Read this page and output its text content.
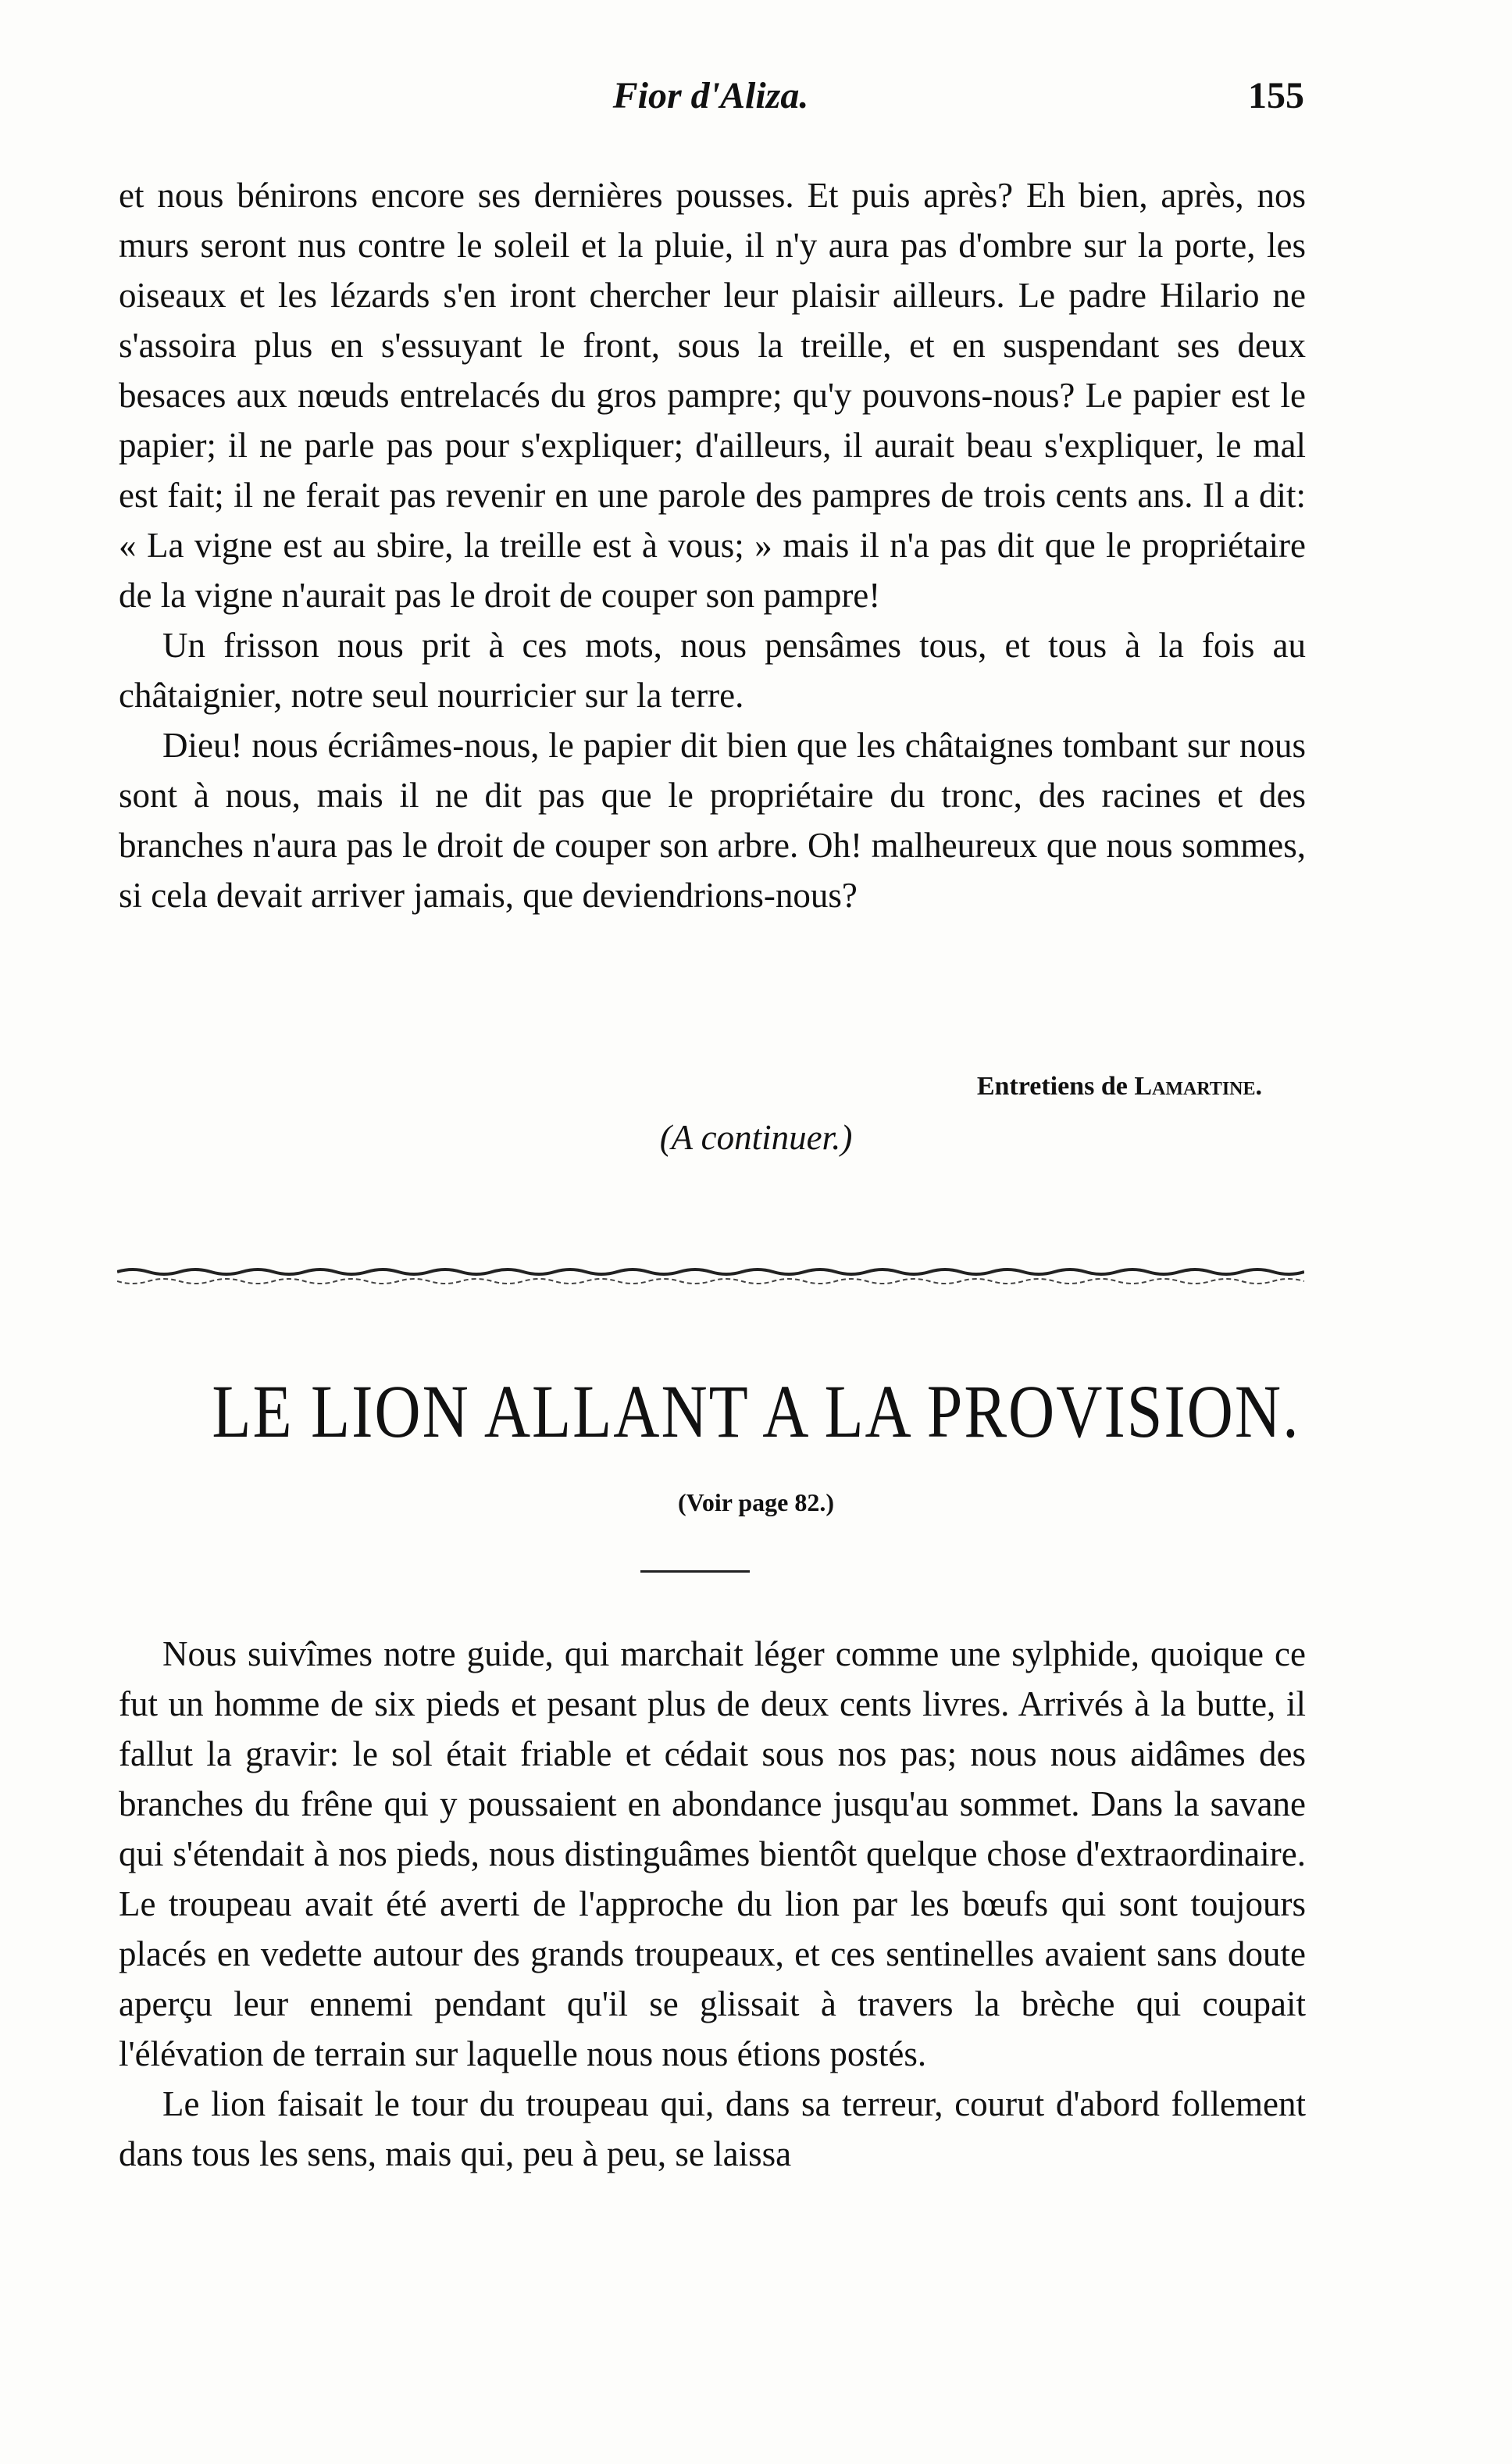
Fior d'Aliza.	155

et nous bénirons encore ses dernières pousses. Et puis après? Eh bien, après, nos murs seront nus contre le soleil et la pluie, il n'y aura pas d'ombre sur la porte, les oiseaux et les lézards s'en iront chercher leur plaisir ailleurs. Le padre Hilario ne s'assoira plus en s'essuyant le front, sous la treille, et en suspendant ses deux besaces aux nœuds entrelacés du gros pampre; qu'y pouvons-nous? Le papier est le papier; il ne parle pas pour s'expliquer; d'ailleurs, il aurait beau s'expliquer, le mal est fait; il ne ferait pas revenir en une parole des pampres de trois cents ans. Il a dit: « La vigne est au sbire, la treille est à vous; » mais il n'a pas dit que le propriétaire de la vigne n'aurait pas le droit de couper son pampre!

Un frisson nous prit à ces mots, nous pensâmes tous, et tous à la fois au châtaignier, notre seul nourricier sur la terre.

Dieu! nous écriâmes-nous, le papier dit bien que les châtaignes tombant sur nous sont à nous, mais il ne dit pas que le propriétaire du tronc, des racines et des branches n'aura pas le droit de couper son arbre. Oh! malheureux que nous sommes, si cela devait arriver jamais, que deviendrions-nous?

Entretiens de Lamartine.
(A continuer.)
LE LION ALLANT A LA PROVISION.
(Voir page 82.)

Nous suivîmes notre guide, qui marchait léger comme une sylphide, quoique ce fut un homme de six pieds et pesant plus de deux cents livres. Arrivés à la butte, il fallut la gravir: le sol était friable et cédait sous nos pas; nous nous aidâmes des branches du frêne qui y poussaient en abondance jusqu'au sommet. Dans la savane qui s'étendait à nos pieds, nous distinguâmes bientôt quelque chose d'extraordinaire. Le troupeau avait été averti de l'approche du lion par les bœufs qui sont toujours placés en vedette autour des grands troupeaux, et ces sentinelles avaient sans doute aperçu leur ennemi pendant qu'il se glissait à travers la brèche qui coupait l'élévation de terrain sur laquelle nous nous étions postés.

Le lion faisait le tour du troupeau qui, dans sa terreur, courut d'abord follement dans tous les sens, mais qui, peu à peu, se laissa
